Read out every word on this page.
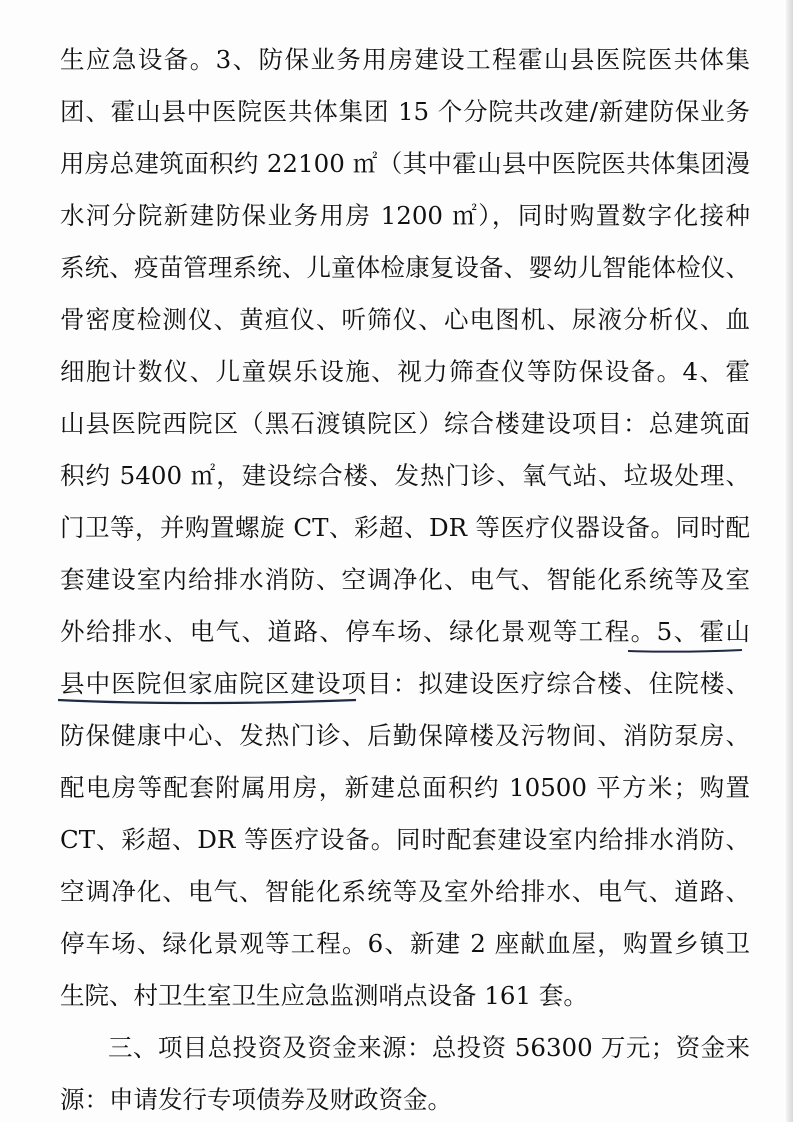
生应急设备。3、防保业务用房建设工程霍山县医院医共体集
团、霍山县中医院医共体集团 15 个分院共改建/新建防保业务
用房总建筑面积约 22100 ㎡（其中霍山县中医院医共体集团漫
水河分院新建防保业务用房 1200 ㎡），同时购置数字化接种
系统、疫苗管理系统、儿童体检康复设备、婴幼儿智能体检仪、
骨密度检测仪、黄疸仪、听筛仪、心电图机、尿液分析仪、血
细胞计数仪、儿童娱乐设施、视力筛查仪等防保设备。4、霍
山县医院西院区（黑石渡镇院区）综合楼建设项目：总建筑面
积约 5400 ㎡，建设综合楼、发热门诊、氧气站、垃圾处理、
门卫等，并购置螺旋 CT、彩超、DR 等医疗仪器设备。同时配
套建设室内给排水消防、空调净化、电气、智能化系统等及室
外给排水、电气、道路、停车场、绿化景观等工程。5、霍山
县中医院但家庙院区建设项目：拟建设医疗综合楼、住院楼、
防保健康中心、发热门诊、后勤保障楼及污物间、消防泵房、
配电房等配套附属用房，新建总面积约 10500 平方米；购置
CT、彩超、DR 等医疗设备。同时配套建设室内给排水消防、
空调净化、电气、智能化系统等及室外给排水、电气、道路、
停车场、绿化景观等工程。6、新建 2 座献血屋，购置乡镇卫
生院、村卫生室卫生应急监测哨点设备 161 套。
三、项目总投资及资金来源：总投资 56300 万元；资金来
源：申请发行专项债券及财政资金。
